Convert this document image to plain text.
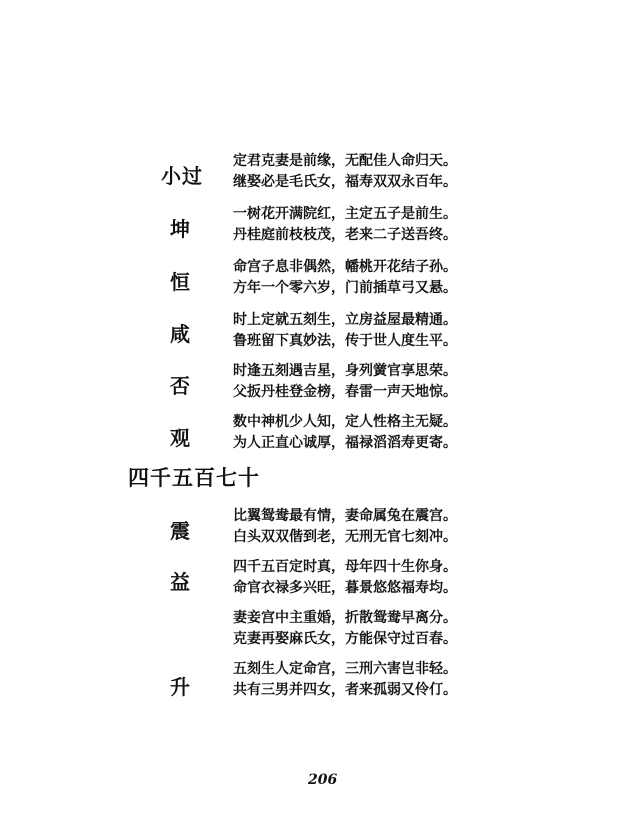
小过
定君克妻是前缘，无配佳人命归天。
继娶必是毛氏女，福寿双双永百年。
坤
一树花开满院红，主定五子是前生。
丹桂庭前枝枝茂，老来二子送吾终。
恒
命宫子息非偶然，幡桃开花结子孙。
方年一个零六岁，门前插草弓又悬。
咸
时上定就五刻生，立房益屋最精通。
鲁班留下真妙法，传于世人度生平。
否
时逢五刻遇吉星，身列黉官享思荣。
父扳丹桂登金榜，春雷一声天地惊。
观
数中神机少人知，定人性格主无疑。
为人正直心诚厚，福禄滔滔寿更寄。
四千五百七十
震
比翼鸳鸯最有情，妻命属兔在震宫。
白头双双偕到老，无刑无官七刻冲。
益
四千五百定时真，母年四十生你身。
命官衣禄多兴旺，暮景悠悠福寿均。
妻妾宫中主重婚，折散鸳鸯早离分。
克妻再娶麻氏女，方能保守过百春。
升
五刻生人定命宫，三刑六害岂非轻。
共有三男并四女，者来孤弱又伶仃。
206
